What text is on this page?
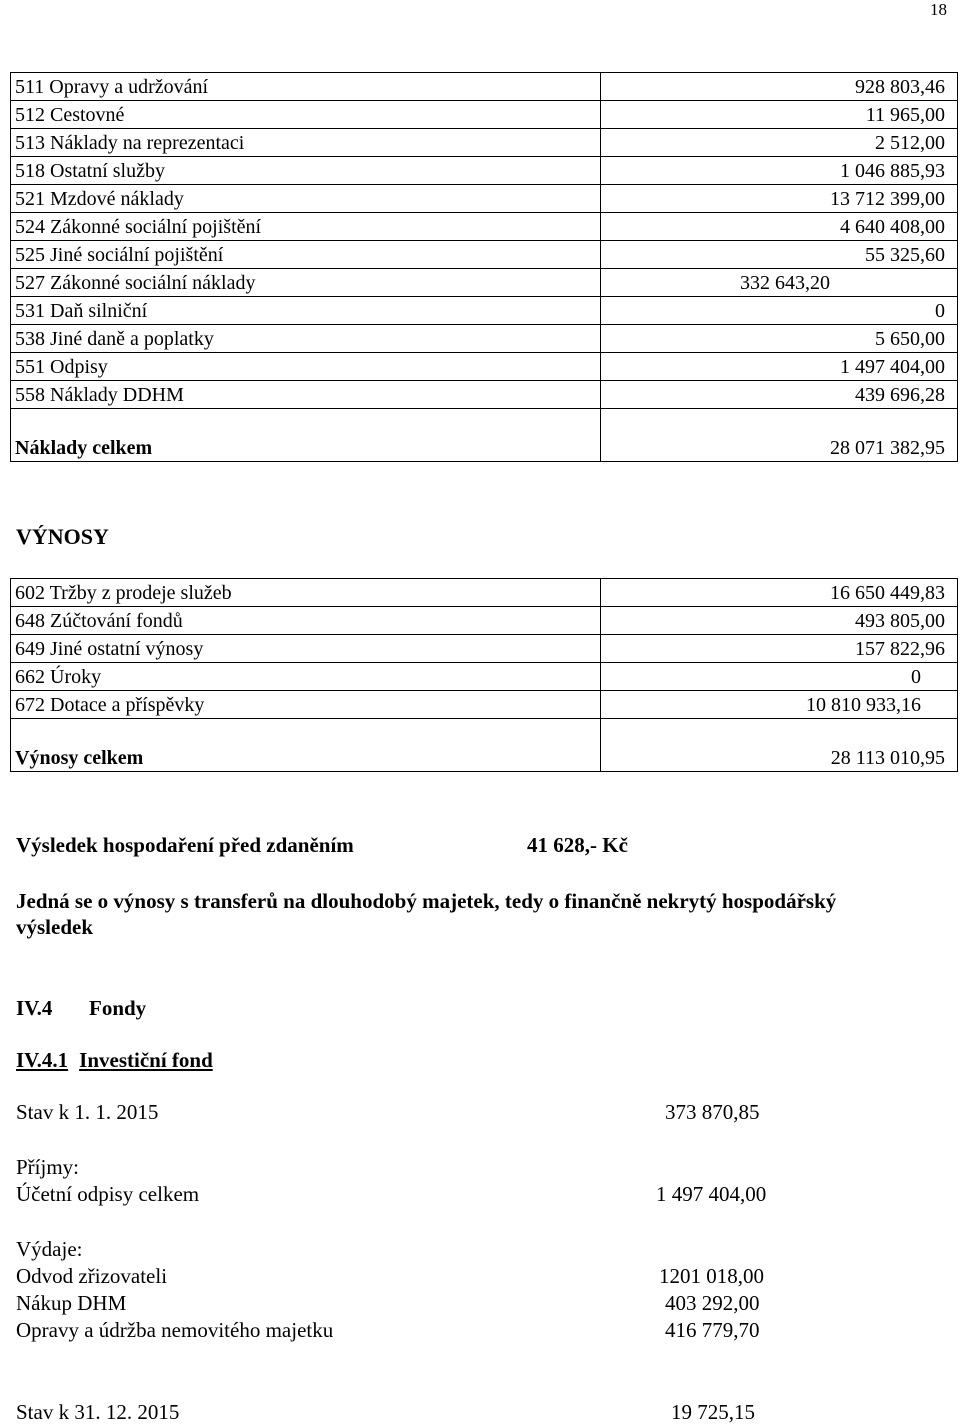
18
511 Opravy a udržování	928 803,46
512 Cestovné	11 965,00
513 Náklady na reprezentaci	2 512,00
518 Ostatní služby	1 046 885,93
521 Mzdové náklady	13 712 399,00
524 Zákonné sociální pojištění	4 640 408,00
525 Jiné sociální pojištění	55 325,60
527 Zákonné sociální náklady	332 643,20
531 Daň silniční	0
538 Jiné daně a poplatky	5 650,00
551 Odpisy	1 497 404,00
558 Náklady DDHM	439 696,28
Náklady celkem	28 071 382,95
VÝNOSY
602 Tržby z prodeje služeb	16 650 449,83
648 Zúčtování fondů	493 805,00
649 Jiné ostatní výnosy	157 822,96
662 Úroky	0
672 Dotace a příspěvky	10 810 933,16
Výnosy celkem	28 113 010,95
Výsledek hospodaření před zdaněním	41 628,- Kč
Jedná se o výnosy s transferů na dlouhodobý majetek, tedy o finančně nekrytý hospodářský
výsledek
IV.4 Fondy
IV.4.1 Investiční fond
Stav k 1. 1. 2015	373 870,85
Příjmy:
Účetní odpisy celkem	1 497 404,00
Výdaje:
Odvod zřizovateli	1201 018,00
Nákup DHM	403 292,00
Opravy a údržba nemovitého majetku	416 779,70
Stav k 31. 12. 2015	19 725,15
